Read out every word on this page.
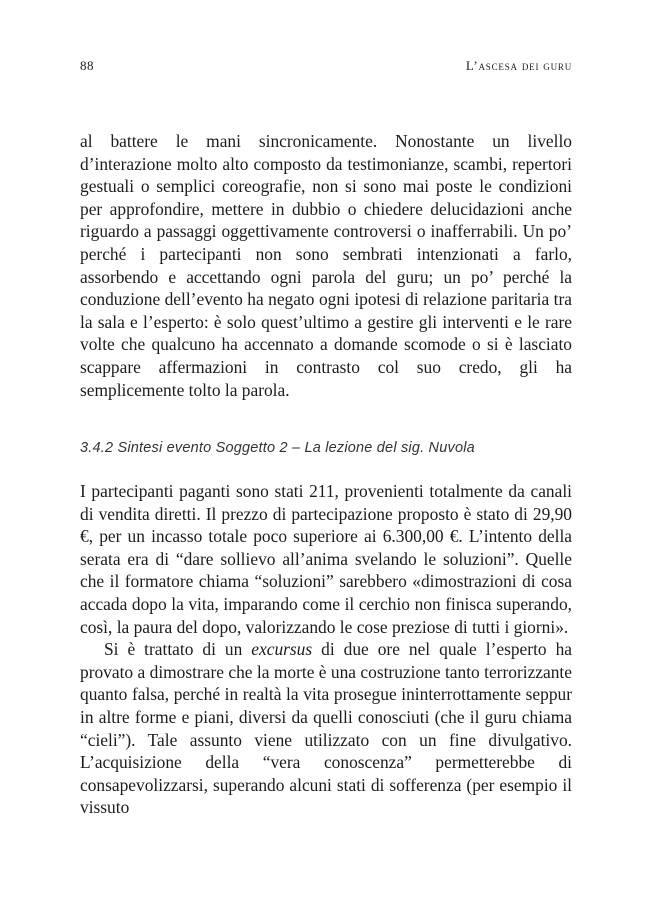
88	L’ascesa dei guru

al battere le mani sincronicamente. Nonostante un livello d’interazione molto alto composto da testimonianze, scambi, repertori gestuali o semplici coreografie, non si sono mai poste le condizioni per approfondire, mettere in dubbio o chiedere delucidazioni anche riguardo a passaggi oggettivamente controversi o inafferrabili. Un po’ perché i partecipanti non sono sembrati intenzionati a farlo, assorbendo e accettando ogni parola del guru; un po’ perché la conduzione dell’evento ha negato ogni ipotesi di relazione paritaria tra la sala e l’esperto: è solo quest’ultimo a gestire gli interventi e le rare volte che qualcuno ha accennato a domande scomode o si è lasciato scappare affermazioni in contrasto col suo credo, gli ha semplicemente tolto la parola.

3.4.2 Sintesi evento Soggetto 2 – La lezione del sig. Nuvola

I partecipanti paganti sono stati 211, provenienti totalmente da canali di vendita diretti. Il prezzo di partecipazione proposto è stato di 29,90 €, per un incasso totale poco superiore ai 6.300,00 €. L’intento della serata era di “dare sollievo all’anima svelando le soluzioni”. Quelle che il formatore chiama “soluzioni” sarebbero «dimostrazioni di cosa accada dopo la vita, imparando come il cerchio non finisca superando, così, la paura del dopo, valorizzando le cose preziose di tutti i giorni».

Si è trattato di un excursus di due ore nel quale l’esperto ha provato a dimostrare che la morte è una costruzione tanto terrorizzante quanto falsa, perché in realtà la vita prosegue ininterrottamente seppur in altre forme e piani, diversi da quelli conosciuti (che il guru chiama “cieli”). Tale assunto viene utilizzato con un fine divulgativo. L’acquisizione della “vera conoscenza” permetterebbe di consapevolizzarsi, superando alcuni stati di sofferenza (per esempio il vissuto
